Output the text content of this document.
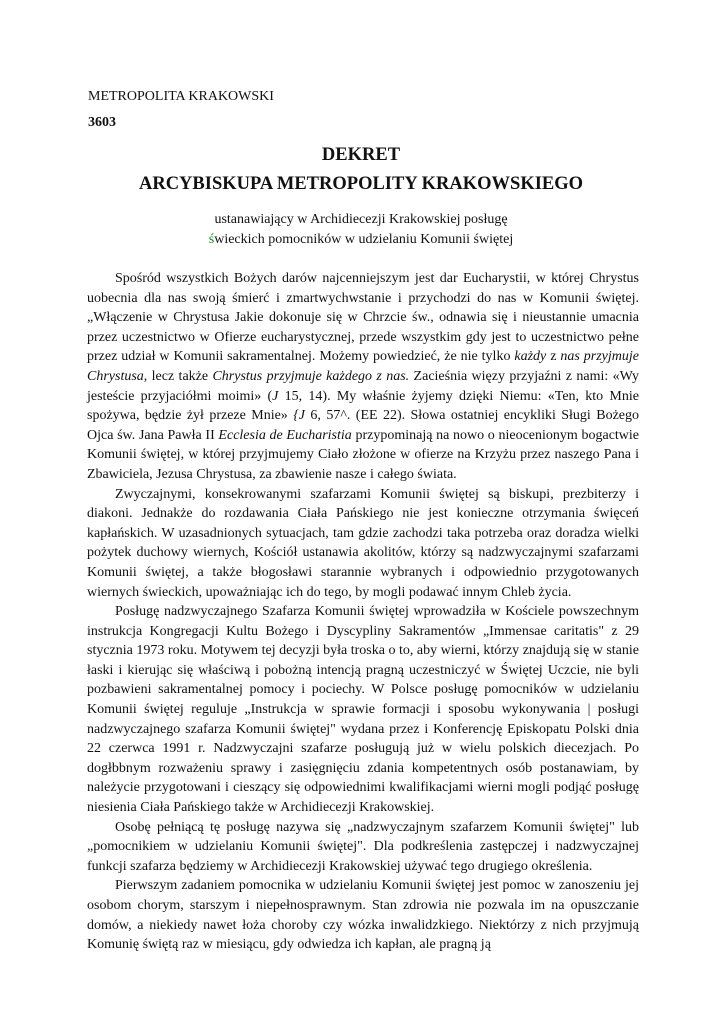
METROPOLITA KRAKOWSKI
3603
DEKRET
ARCYBISKUPA METROPOLITY KRAKOWSKIEGO
ustanawiający w Archidiecezji Krakowskiej posługę
świeckich pomocników w udzielaniu Komunii świętej

Spośród wszystkich Bożych darów najcenniejszym jest dar Eucharystii, w której Chrystus uobecnia dla nas swoją śmierć i zmartwychwstanie i przychodzi do nas w Komunii świętej. „Włączenie w Chrystusa Jakie dokonuje się w Chrzcie św., odnawia się i nieustannie umacnia przez uczestnictwo w Ofierze eucharystycznej, przede wszystkim gdy jest to uczestnictwo pełne przez udział w Komunii sakramentalnej. Możemy powiedzieć, że nie tylko każdy z nas przyjmuje Chrystusa, lecz także Chrystus przyjmuje każdego z nas. Zacieśnia więzy przyjaźni z nami: «Wy jesteście przyjaciółmi moimi» (J 15, 14). My właśnie żyjemy dzięki Niemu: «Ten, kto Mnie spożywa, będzie żył przeze Mnie» {J 6, 57^. (EE 22). Słowa ostatniej encykliki Sługi Bożego Ojca św. Jana Pawła II Ecclesia de Eucharistia przypominają na nowo o nieocenionym bogactwie Komunii świętej, w której przyjmujemy Ciało złożone w ofierze na Krzyżu przez naszego Pana i Zbawiciela, Jezusa Chrystusa, za zbawienie nasze i całego świata.

Zwyczajnymi, konsekrowanymi szafarzami Komunii świętej są biskupi, prezbiterzy i diakoni. Jednakże do rozdawania Ciała Pańskiego nie jest konieczne otrzymania święceń kapłańskich. W uzasadnionych sytuacjach, tam gdzie zachodzi taka potrzeba oraz doradza wielki pożytek duchowy wiernych, Kościół ustanawia akolitów, którzy są nadzwyczajnymi szafarzami Komunii świętej, a także błogosławi starannie wybranych i odpowiednio przygotowanych wiernych świeckich, upoważniając ich do tego, by mogli podawać innym Chleb życia.

Posługę nadzwyczajnego Szafarza Komunii świętej wprowadziła w Kościele powszechnym instrukcja Kongregacji Kultu Bożego i Dyscypliny Sakramentów „Immensae caritatis" z 29 stycznia 1973 roku. Motywem tej decyzji była troska o to, aby wierni, którzy znajdują się w stanie łaski i kierując się właściwą i pobożną intencją pragną uczestniczyć w Świętej Uczcie, nie byli pozbawieni sakramentalnej pomocy i pociechy. W Polsce posługę pomocników w udzielaniu Komunii świętej reguluje „Instrukcja w sprawie formacji i sposobu wykonywania | posługi nadzwyczajnego szafarza Komunii świętej" wydana przez i Konferencję Episkopatu Polski dnia 22 czerwca 1991 r. Nadzwyczajni szafarze posługują już w wielu polskich diecezjach. Po dogłbbnym rozważeniu sprawy i zasięgnięciu zdania kompetentnych osób postanawiam, by należycie przygotowani i cieszący się odpowiednimi kwalifikacjami wierni mogli podjąć posługę niesienia Ciała Pańskiego także w Archidiecezji Krakowskiej.

Osobę pełniącą tę posługę nazywa się „nadzwyczajnym szafarzem Komunii świętej" lub „pomocnikiem w udzielaniu Komunii świętej". Dla podkreślenia zastępczej i nadzwyczajnej funkcji szafarza będziemy w Archidiecezji Krakowskiej używać tego drugiego określenia.

Pierwszym zadaniem pomocnika w udzielaniu Komunii świętej jest pomoc w zanoszeniu jej osobom chorym, starszym i niepełnosprawnym. Stan zdrowia nie pozwala im na opuszczanie domów, a niekiedy nawet łoża choroby czy wózka inwalidzkiego. Niektórzy z nich przyjmują Komunię świętą raz w miesiącu, gdy odwiedza ich kapłan, ale pragną ją
